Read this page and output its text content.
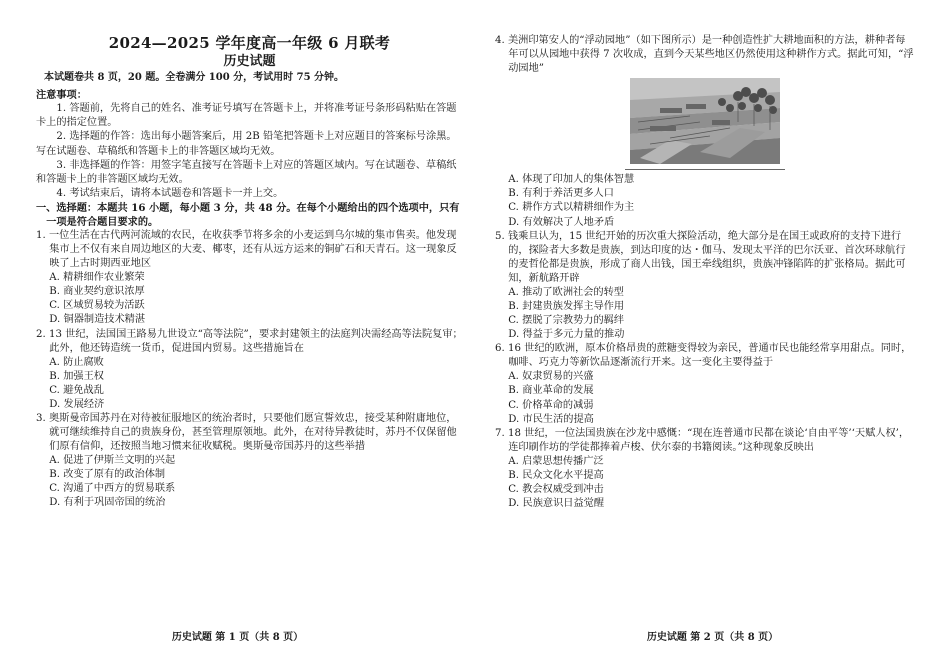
2024—2025 学年度高一年级 6 月联考
历史试题

本试题卷共 8 页，20 题。全卷满分 100 分，考试用时 75 分钟。

注意事项：

1. 答题前，先将自己的姓名、准考证号填写在答题卡上，并将准考证号条形码粘贴在答题卡上的指定位置。

2. 选择题的作答：选出每小题答案后，用 2B 铅笔把答题卡上对应题目的答案标号涂黑。写在试题卷、草稿纸和答题卡上的非答题区域均无效。

3. 非选择题的作答：用签字笔直接写在答题卡上对应的答题区域内。写在试题卷、草稿纸和答题卡上的非答题区域均无效。

4. 考试结束后，请将本试题卷和答题卡一并上交。

一、选择题：本题共 16 小题，每小题 3 分，共 48 分。在每个小题给出的四个选项中，只有
一项是符合题目要求的。

1. 一位生活在古代两河流域的农民，在收获季节将多余的小麦运到乌尔城的集市售卖。他发现集市上不仅有来自周边地区的大麦、椰枣，还有从远方运来的铜矿石和天青石。这一现象反映了上古时期西亚地区

A. 精耕细作农业繁荣

B. 商业契约意识浓厚

C. 区域贸易较为活跃

D. 铜器制造技术精湛

2. 13 世纪，法国国王路易九世设立“高等法院”，要求封建领主的法庭判决需经高等法院复审；此外，他还铸造统一货币，促进国内贸易。这些措施旨在

A. 防止腐败

B. 加强王权

C. 避免战乱

D. 发展经济

3. 奥斯曼帝国苏丹在对待被征服地区的统治者时，只要他们愿宣誓效忠，接受某种附庸地位，就可继续维持自己的贵族身份，甚至管理原领地。此外，在对待异教徒时，苏丹不仅保留他们原有信仰，还按照当地习惯来征收赋税。奥斯曼帝国苏丹的这些举措

A. 促进了伊斯兰文明的兴起

B. 改变了原有的政治体制

C. 沟通了中西方的贸易联系

D. 有利于巩固帝国的统治

历史试题 第 1 页（共 8 页）

4. 美洲印第安人的“浮动园地”（如下图所示）是一种创造性扩大耕地面积的方法，耕种者每年可以从园地中获得 7 次收成，直到今天某些地区仍然使用这种耕作方式。据此可知，“浮动园地”

A. 体现了印加人的集体智慧

B. 有利于养活更多人口

C. 耕作方式以精耕细作为主

D. 有效解决了人地矛盾

5. 钱乘旦认为，15 世纪开始的历次重大探险活动，绝大部分是在国王或政府的支持下进行的，探险者大多数是贵族，到达印度的达・伽马、发现太平洋的巴尔沃亚、首次环球航行的麦哲伦都是贵族，形成了商人出钱，国王牵线组织，贵族冲锋陷阵的扩张格局。据此可知，新航路开辟

A. 推动了欧洲社会的转型

B. 封建贵族发挥主导作用

C. 摆脱了宗教势力的羁绊

D. 得益于多元力量的推动

6. 16 世纪的欧洲，原本价格昂贵的蔗糖变得较为亲民，普通市民也能经常享用甜点。同时，咖啡、巧克力等新饮品逐渐流行开来。这一变化主要得益于

A. 奴隶贸易的兴盛

B. 商业革命的发展

C. 价格革命的减弱

D. 市民生活的提高

7. 18 世纪，一位法国贵族在沙龙中感慨：“现在连普通市民都在谈论‘自由平等’‘天赋人权’，连印刷作坊的学徒都捧着卢梭、伏尔泰的书籍阅读。”这种现象反映出

A. 启蒙思想传播广泛

B. 民众文化水平提高

C. 教会权威受到冲击

D. 民族意识日益觉醒

历史试题 第 2 页（共 8 页）
